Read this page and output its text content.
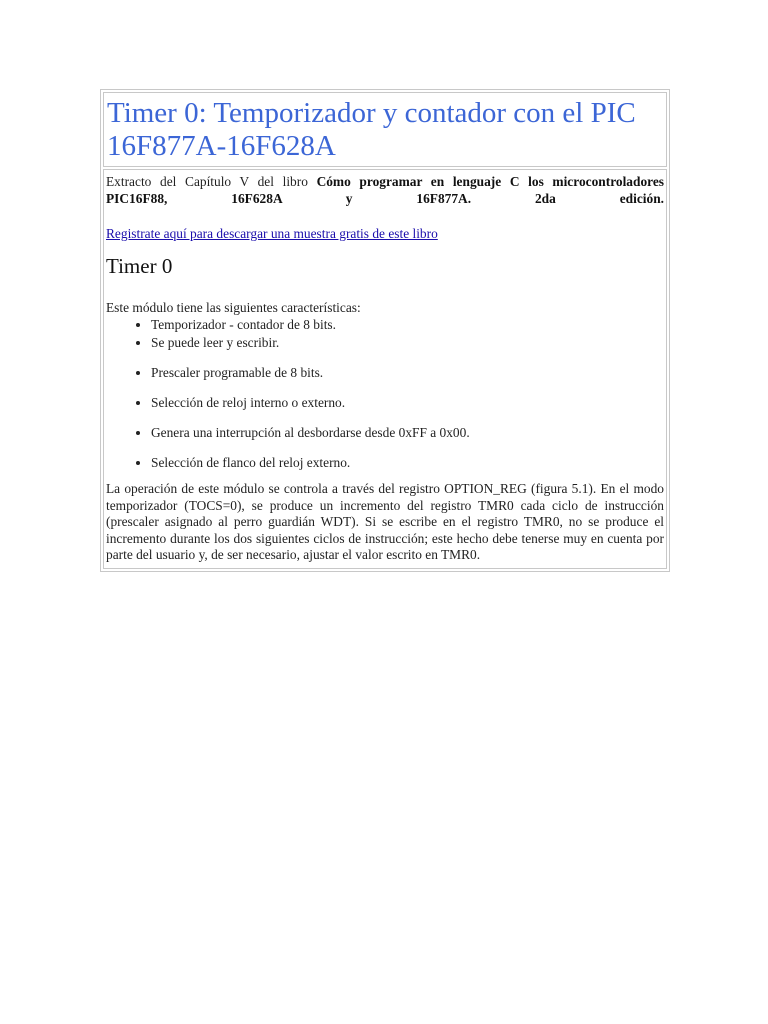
Timer 0: Temporizador y contador con el PIC 16F877A-16F628A

Extracto del Capítulo V del libro Cómo programar en lenguaje C los microcontroladores PIC16F88, 16F628A y 16F877A. 2da edición.

Registrate aquí para descargar una muestra gratis de este libro

Timer 0

Este módulo tiene las siguientes características:

• Temporizador - contador de 8 bits.
• Se puede leer y escribir.
• Prescaler programable de 8 bits.
• Selección de reloj interno o externo.
• Genera una interrupción al desbordarse desde 0xFF a 0x00.
• Selección de flanco del reloj externo.

La operación de este módulo se controla a través del registro OPTION_REG (figura 5.1). En el modo temporizador (TOCS=0), se produce un incremento del registro TMR0 cada ciclo de instrucción (prescaler asignado al perro guardián WDT). Si se escribe en el registro TMR0, no se produce el incremento durante los dos siguientes ciclos de instrucción; este hecho debe tenerse muy en cuenta por parte del usuario y, de ser necesario, ajustar el valor escrito en TMR0.
